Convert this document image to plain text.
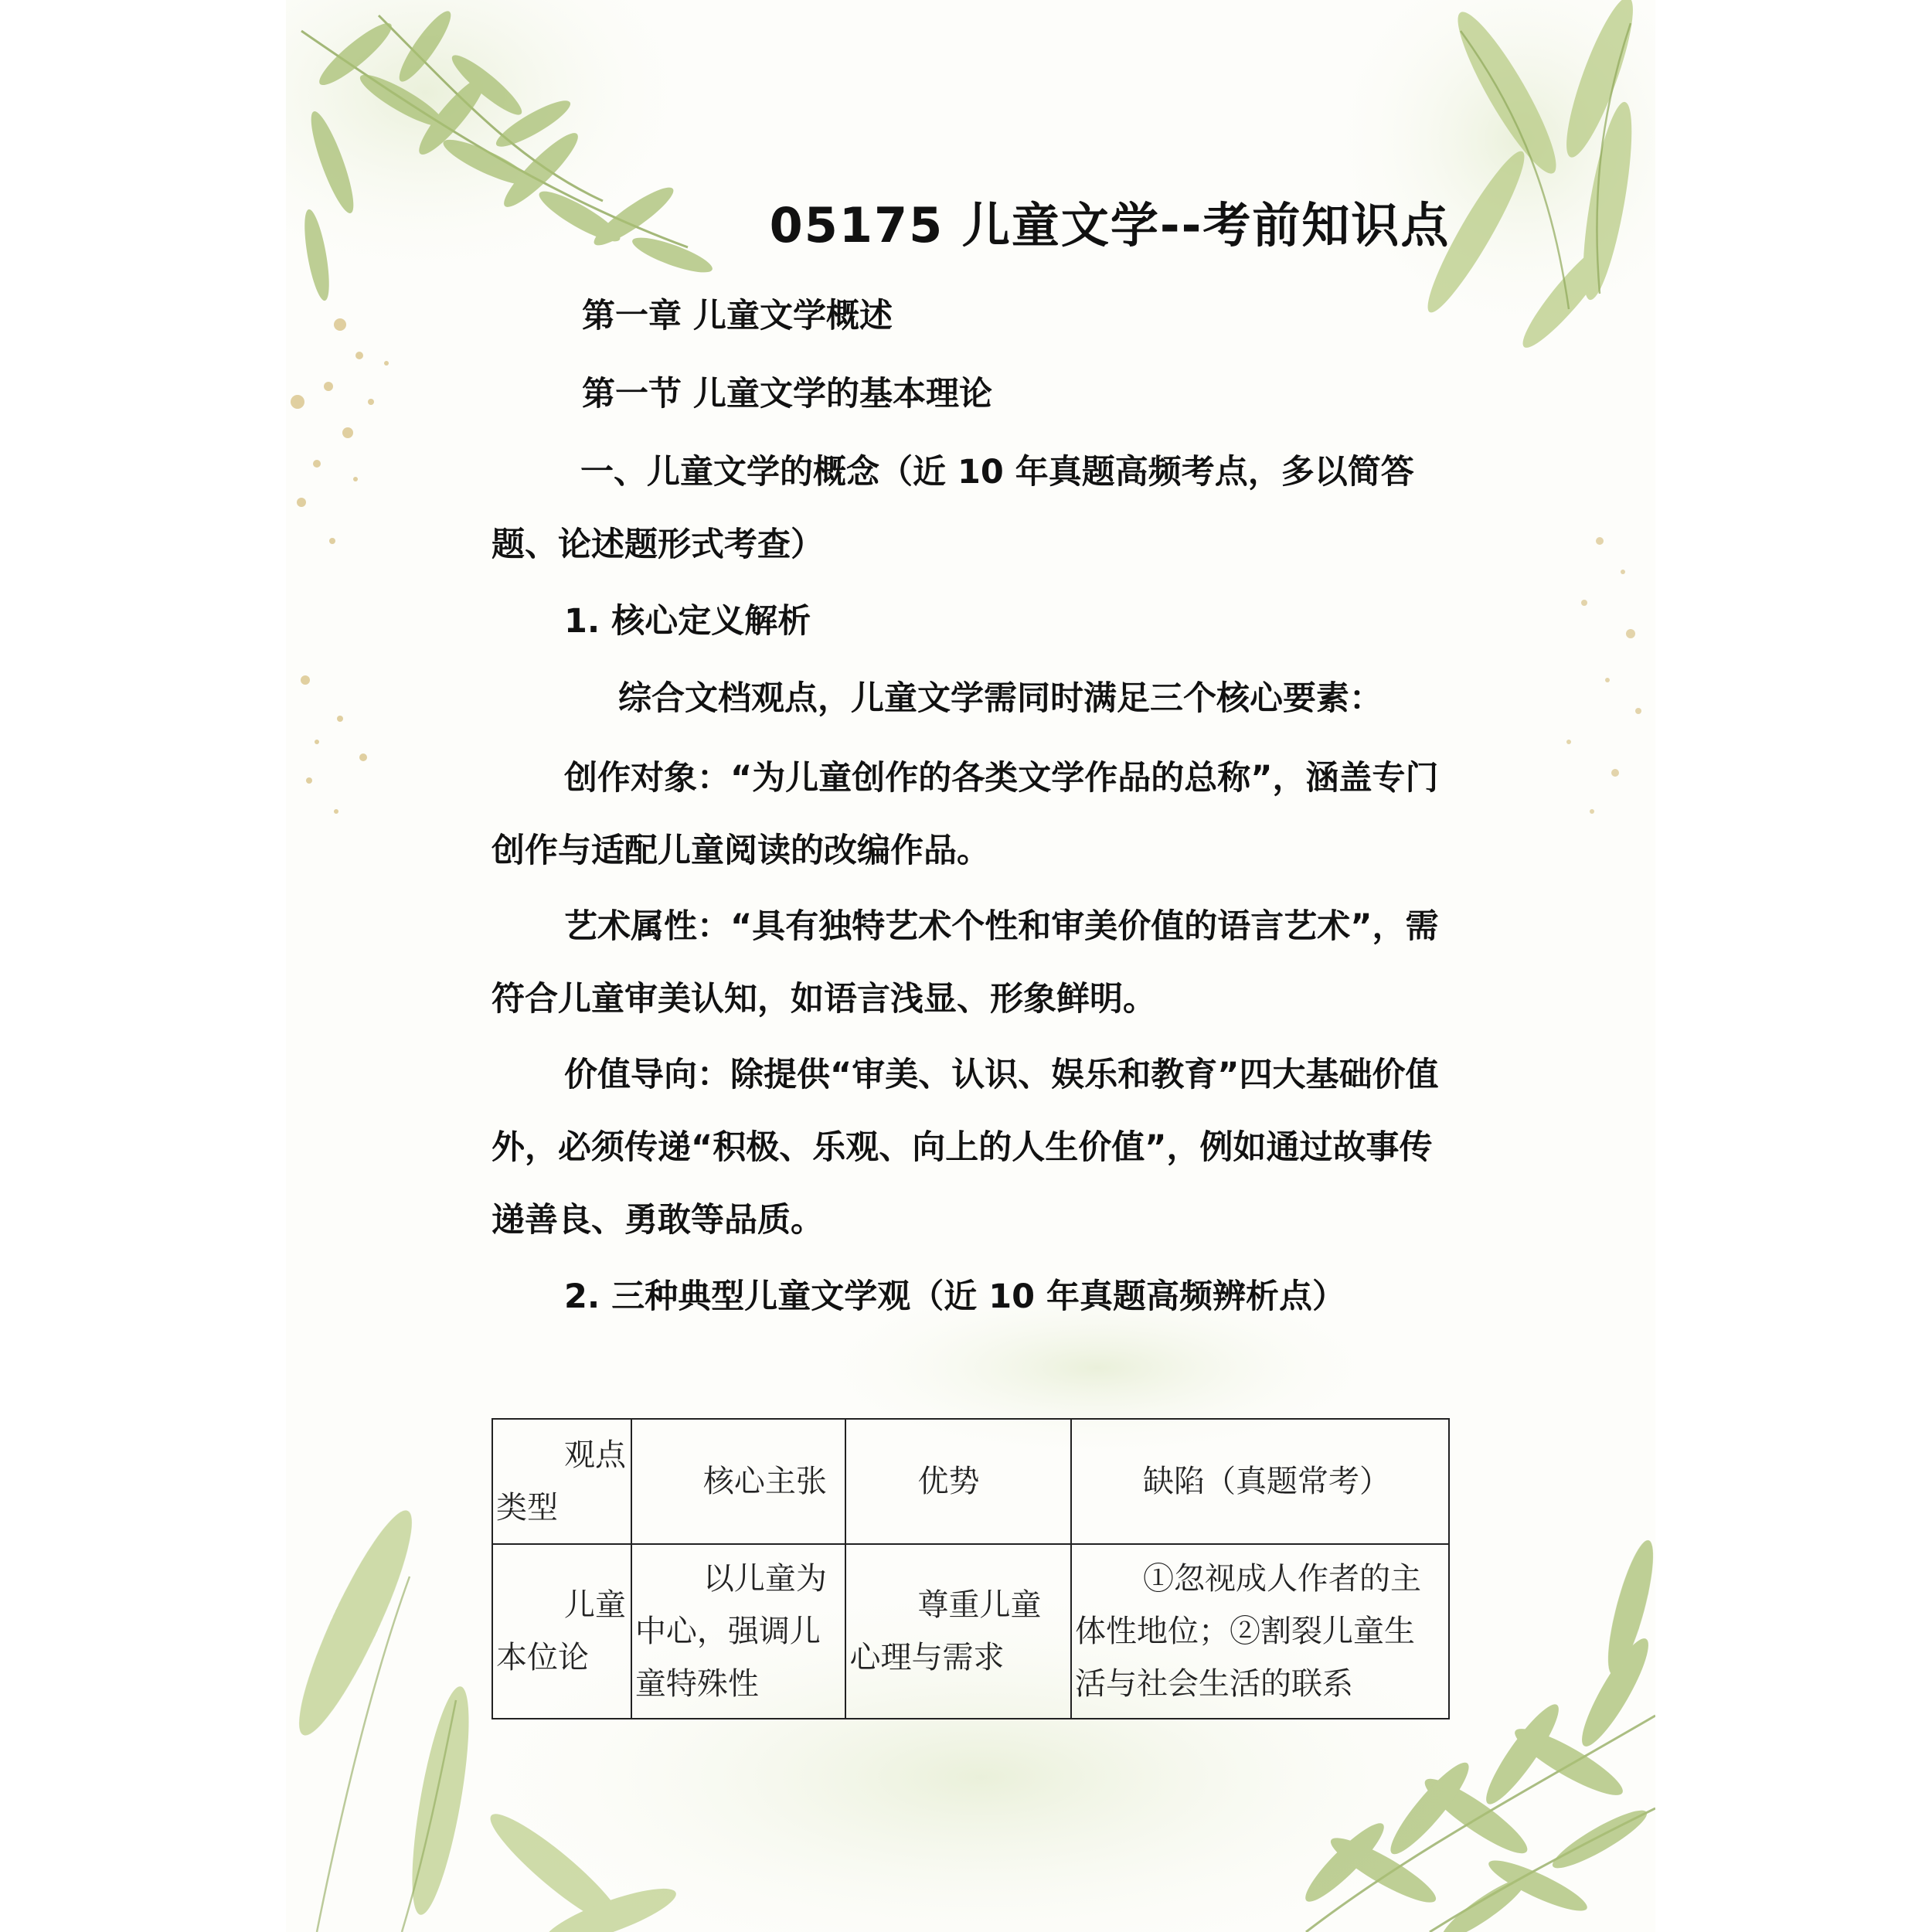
05175 儿童文学--考前知识点
第一章 儿童文学概述
第一节 儿童文学的基本理论
一、儿童文学的概念（近 10 年真题高频考点，多以简答题、论述题形式考查）
1. 核心定义解析
综合文档观点，儿童文学需同时满足三个核心要素：
创作对象：“为儿童创作的各类文学作品的总称”，涵盖专门创作与适配儿童阅读的改编作品。
艺术属性：“具有独特艺术个性和审美价值的语言艺术”，需符合儿童审美认知，如语言浅显、形象鲜明。
价值导向：除提供“审美、认识、娱乐和教育”四大基础价值外，必须传递“积极、乐观、向上的人生价值”，例如通过故事传递善良、勇敢等品质。
2. 三种典型儿童文学观（近 10 年真题高频辨析点）
观点类型	核心主张	优势	缺陷（真题常考）
儿童本位论	以儿童为中心，强调儿童特殊性	尊重儿童心理与需求	①忽视成人作者的主体性地位；②割裂儿童生活与社会生活的联系
